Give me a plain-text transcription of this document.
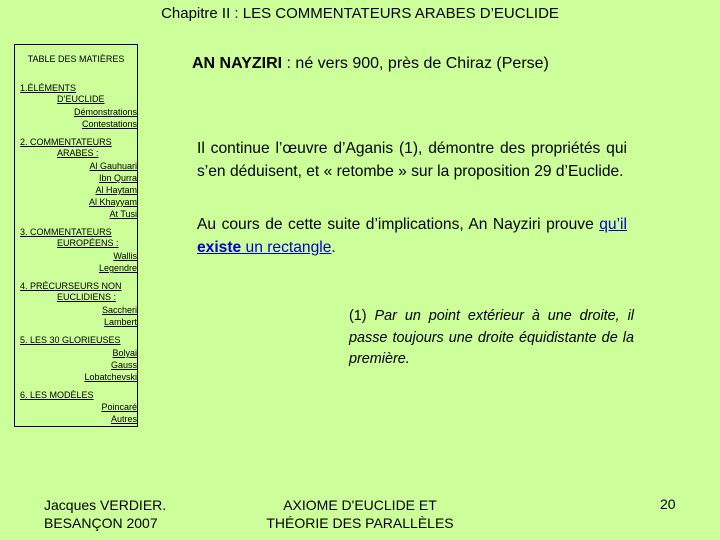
Chapitre II : LES COMMENTATEURS ARABES D’EUCLIDE
TABLE DES MATIÈRES
1.ÉLÉMENTS
D’EUCLIDE
Démonstrations
Contestations
2. COMMENTATEURS
ARABES :
Al Gauhuari
Ibn Qurra
Al Haytam
Al Khayyam
At Tusi
3. COMMENTATEURS
EUROPÉENS :
Wallis
Legendre
4. PRÉCURSEURS NON
EUCLIDIENS :
Saccheri
Lambert
5. LES 30 GLORIEUSES
Bolyai
Gauss
Lobatchevski
6. LES MODÈLES
Poincaré
Autres
AN NAYZIRI : né vers 900, près de Chiraz (Perse)
Il continue l’œuvre d’Aganis (1), démontre des propriétés qui s’en déduisent, et « retombe » sur la proposition 29 d’Euclide.
Au cours de cette suite d’implications, An Nayziri prouve qu’il existe un rectangle.
(1) Par un point extérieur à une droite, il passe toujours une droite équidistante de la première.
Jacques VERDIER.
BESANÇON 2007
AXIOME D'EUCLIDE ET
THÉORIE DES PARALLÈLES
20
